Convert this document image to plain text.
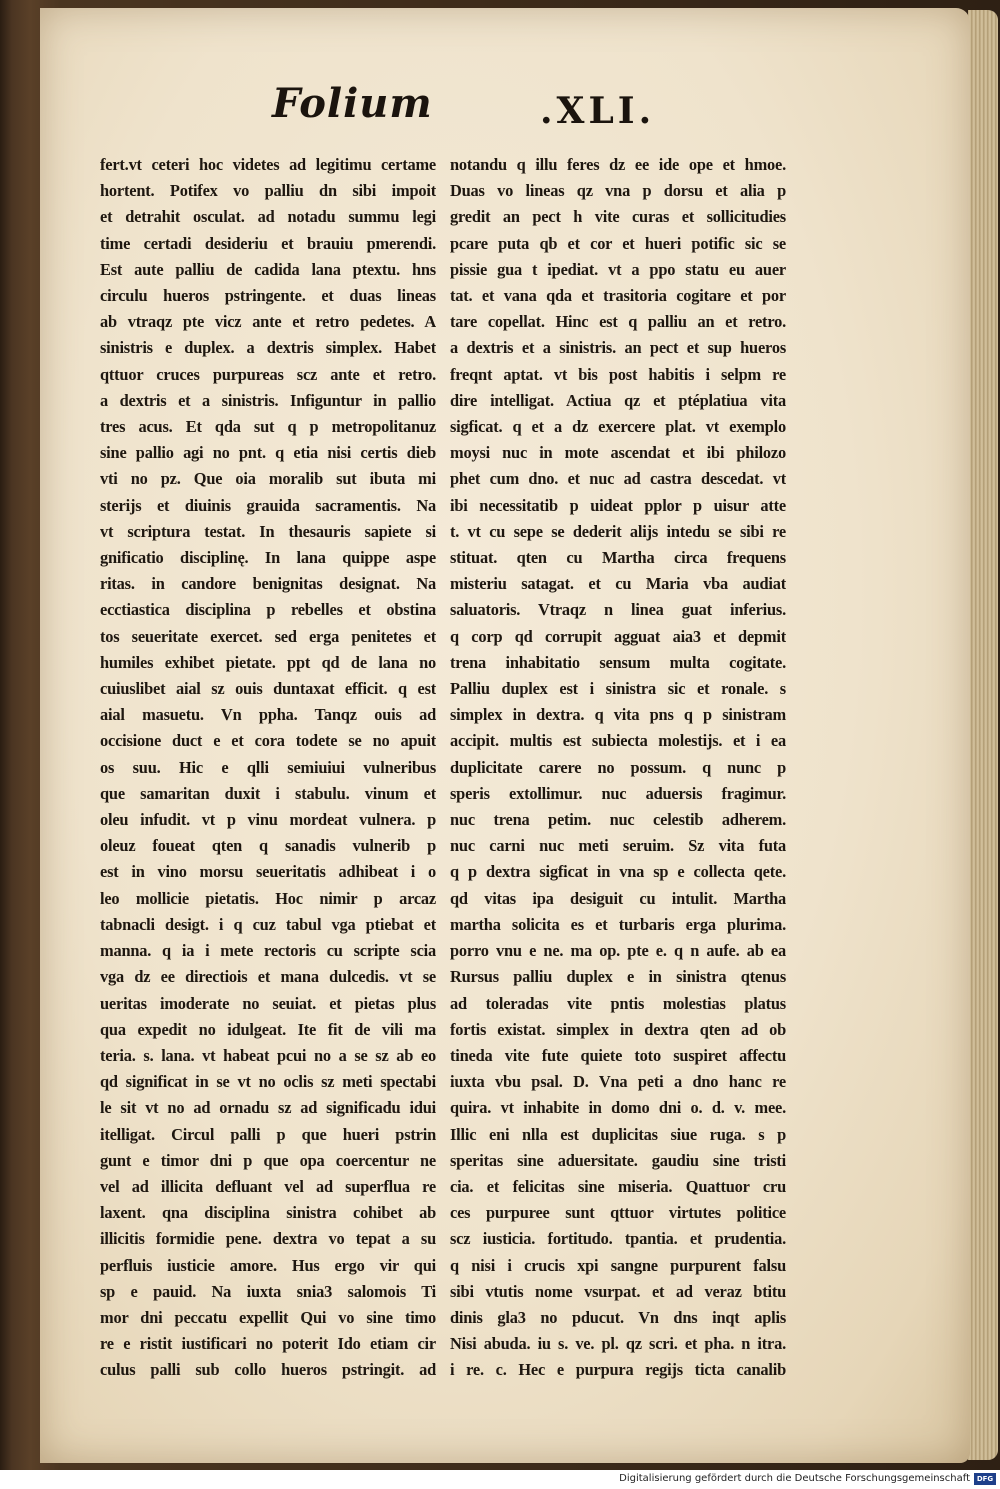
Folium	.XLI.
fert.vt ceteri hoc videtes ad legitimu certame
hortent. Potifex vo palliu dn sibi impoit
et detrahit osculat. ad notadu summu legi
time certadi desideriu et brauiu pmerendi.
Est aute palliu de cadida lana ptextu. hns
circulu hueros pstringente. et duas lineas
ab vtraqz pte vicz ante et retro pedetes. A
sinistris e duplex. a dextris simplex. Habet
qttuor cruces purpureas scz ante et retro.
a dextris et a sinistris. Infiguntur in pallio
tres acus. Et qda sut q p metropolitanuz
sine pallio agi no pnt. q etia nisi certis dieb
vti no pz. Que oia moralib sut ibuta mi
sterijs et diuinis grauida sacramentis. Na
vt scriptura testat. In thesauris sapiete si
gnificatio disciplinę. In lana quippe aspe
ritas. in candore benignitas designat. Na
ecctiastica disciplina p rebelles et obstina
tos seueritate exercet. sed erga penitetes et
humiles exhibet pietate. ppt qd de lana no
cuiuslibet aial sz ouis duntaxat efficit. q est
aial masuetu. Vn ppha. Tanqz ouis ad
occisione duct e et cora todete se no apuit
os suu. Hic e qlli semiuiui vulneribus
que samaritan duxit i stabulu. vinum et
oleu infudit. vt p vinu mordeat vulnera. p
oleuz foueat qten q sanadis vulnerib p
est in vino morsu seueritatis adhibeat i o
leo mollicie pietatis. Hoc nimir p arcaz
tabnacli desigt. i q cuz tabul vga ptiebat et
manna. q ia i mete rectoris cu scripte scia
vga dz ee directiois et mana dulcedis. vt se
ueritas imoderate no seuiat. et pietas plus
qua expedit no idulgeat. Ite fit de vili ma
teria. s. lana. vt habeat pcui no a se sz ab eo
qd significat in se vt no oclis sz meti spectabi
le sit vt no ad ornadu sz ad significadu idui
itelligat. Circul palli p que hueri pstrin
gunt e timor dni p que opa coercentur ne
vel ad illicita defluant vel ad superflua re
laxent. qna disciplina sinistra cohibet ab
illicitis formidie pene. dextra vo tepat a su
perfluis iusticie amore. Hus ergo vir qui
sp e pauid. Na iuxta snia3 salomois Ti
mor dni peccatu expellit Qui vo sine timo
re e ristit iustificari no poterit Ido etiam cir
culus palli sub collo hueros pstringit. ad
notandu q illu feres dz ee ide ope et hmoe.
Duas vo lineas qz vna p dorsu et alia p
gredit an pect h vite curas et sollicitudies
pcare puta qb et cor et hueri potific sic se
pissie gua t ipediat. vt a ppo statu eu auer
tat. et vana qda et trasitoria cogitare et por
tare copellat. Hinc est q palliu an et retro.
a dextris et a sinistris. an pect et sup hueros
freqnt aptat. vt bis post habitis i selpm re
dire intelligat. Actiua qz et ptéplatiua vita
sigficat. q et a dz exercere plat. vt exemplo
moysi nuc in mote ascendat et ibi philozo
phet cum dno. et nuc ad castra descedat. vt
ibi necessitatib p uideat pplor p uisur atte
t. vt cu sepe se dederit alijs intedu se sibi re
stituat. qten cu Martha circa frequens
misteriu satagat. et cu Maria vba audiat
saluatoris. Vtraqz n linea guat inferius.
q corp qd corrupit agguat aia3 et depmit
trena inhabitatio sensum multa cogitate.
Palliu duplex est i sinistra sic et ronale. s
simplex in dextra. q vita pns q p sinistram
accipit. multis est subiecta molestijs. et i ea
duplicitate carere no possum. q nunc p
speris extollimur. nuc aduersis fragimur.
nuc trena petim. nuc celestib adherem.
nuc carni nuc meti seruim. Sz vita futa
q p dextra sigficat in vna sp e collecta qete.
qd vitas ipa desiguit cu intulit. Martha
martha solicita es et turbaris erga plurima.
porro vnu e ne. ma op. pte e. q n aufe. ab ea
Rursus palliu duplex e in sinistra qtenus
ad toleradas vite pntis molestias platus
fortis existat. simplex in dextra qten ad ob
tineda vite fute quiete toto suspiret affectu
iuxta vbu psal. D. Vna peti a dno hanc re
quira. vt inhabite in domo dni o. d. v. mee.
Illic eni nlla est duplicitas siue ruga. s p
speritas sine aduersitate. gaudiu sine tristi
cia. et felicitas sine miseria. Quattuor cru
ces purpuree sunt qttuor virtutes politice
scz iusticia. fortitudo. tpantia. et prudentia.
q nisi i crucis xpi sangne purpurent falsu
sibi vtutis nome vsurpat. et ad veraz btitu
dinis gla3 no pducut. Vn dns inqt aplis
Nisi abuda. iu s. ve. pl. qz scri. et pha. n itra.
i re. c. Hec e purpura regijs ticta canalib
Digitalisierung gefördert durch die Deutsche Forschungsgemeinschaft DFG
